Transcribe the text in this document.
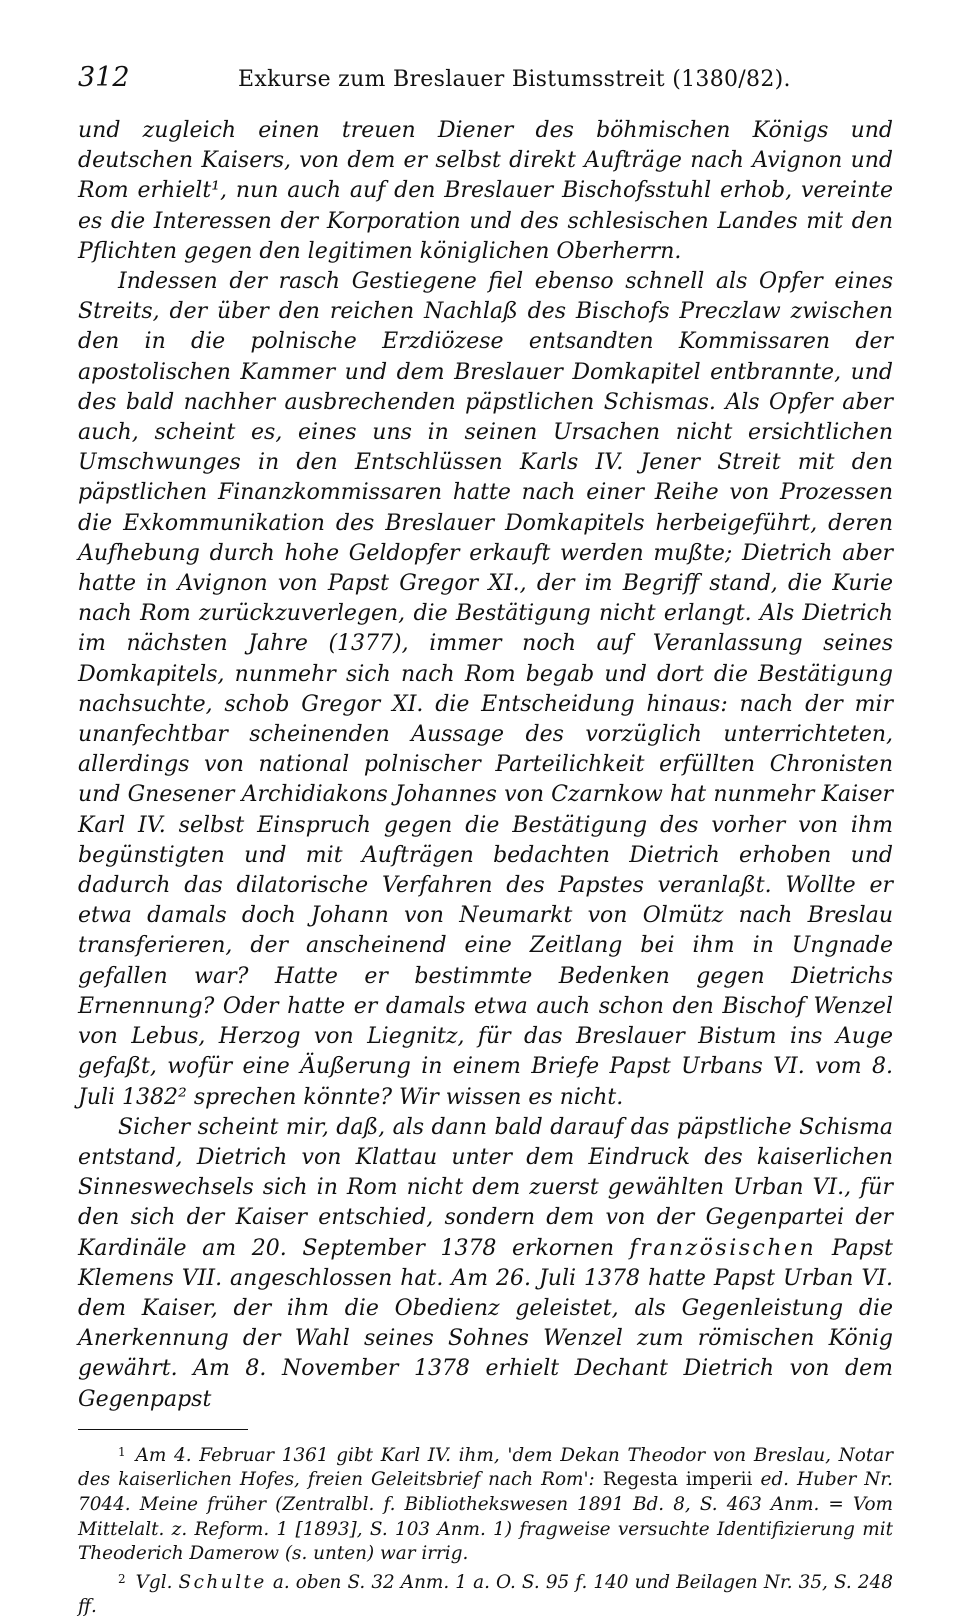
312	Exkurse zum Breslauer Bistumsstreit (1380/82).

und zugleich einen treuen Diener des böhmischen Königs und deutschen Kaisers, von dem er selbst direkt Aufträge nach Avignon und Rom erhielt¹, nun auch auf den Breslauer Bischofsstuhl erhob, vereinte es die Interessen der Korporation und des schlesischen Landes mit den Pflichten gegen den legitimen königlichen Oberherrn.

Indessen der rasch Gestiegene fiel ebenso schnell als Opfer eines Streits, der über den reichen Nachlaß des Bischofs Preczlaw zwischen den in die polnische Erzdiözese entsandten Kommissaren der apostolischen Kammer und dem Breslauer Domkapitel entbrannte, und des bald nachher ausbrechenden päpstlichen Schismas. Als Opfer aber auch, scheint es, eines uns in seinen Ursachen nicht ersichtlichen Umschwunges in den Entschlüssen Karls IV. Jener Streit mit den päpstlichen Finanzkommissaren hatte nach einer Reihe von Prozessen die Exkommunikation des Breslauer Domkapitels herbeigeführt, deren Aufhebung durch hohe Geldopfer erkauft werden mußte; Dietrich aber hatte in Avignon von Papst Gregor XI., der im Begriff stand, die Kurie nach Rom zurückzuverlegen, die Bestätigung nicht erlangt. Als Dietrich im nächsten Jahre (1377), immer noch auf Veranlassung seines Domkapitels, nunmehr sich nach Rom begab und dort die Bestätigung nachsuchte, schob Gregor XI. die Entscheidung hinaus: nach der mir unanfechtbar scheinenden Aussage des vorzüglich unterrichteten, allerdings von national polnischer Parteilichkeit erfüllten Chronisten und Gnesener Archidiakons Johannes von Czarnkow hat nunmehr Kaiser Karl IV. selbst Einspruch gegen die Bestätigung des vorher von ihm begünstigten und mit Aufträgen bedachten Dietrich erhoben und dadurch das dilatorische Verfahren des Papstes veranlaßt. Wollte er etwa damals doch Johann von Neumarkt von Olmütz nach Breslau transferieren, der anscheinend eine Zeitlang bei ihm in Ungnade gefallen war? Hatte er bestimmte Bedenken gegen Dietrichs Ernennung? Oder hatte er damals etwa auch schon den Bischof Wenzel von Lebus, Herzog von Liegnitz, für das Breslauer Bistum ins Auge gefaßt, wofür eine Äußerung in einem Briefe Papst Urbans VI. vom 8. Juli 1382² sprechen könnte? Wir wissen es nicht.

Sicher scheint mir, daß, als dann bald darauf das päpstliche Schisma entstand, Dietrich von Klattau unter dem Eindruck des kaiserlichen Sinneswechsels sich in Rom nicht dem zuerst gewählten Urban VI., für den sich der Kaiser entschied, sondern dem von der Gegenpartei der Kardinäle am 20. September 1378 erkornen französischen Papst Klemens VII. angeschlossen hat. Am 26. Juli 1378 hatte Papst Urban VI. dem Kaiser, der ihm die Obedienz geleistet, als Gegenleistung die Anerkennung der Wahl seines Sohnes Wenzel zum römischen König gewährt. Am 8. November 1378 erhielt Dechant Dietrich von dem Gegenpapst

$^1$ Am 4. Februar 1361 gibt Karl IV. ihm, 'dem Dekan Theodor von Breslau, Notar des kaiserlichen Hofes, freien Geleitsbrief nach Rom': Regesta imperii ed. Huber Nr. 7044. Meine früher (Zentralbl. f. Bibliothekswesen 1891 Bd. 8, S. 463 Anm. = Vom Mittelalt. z. Reform. 1 [1893], S. 103 Anm. 1) fragweise versuchte Identifizierung mit Theoderich Damerow (s. unten) war irrig.

$^2$ Vgl. Schulte a. oben S. 32 Anm. 1 a. O. S. 95 f. 140 und Beilagen Nr. 35, S. 248 ff.
